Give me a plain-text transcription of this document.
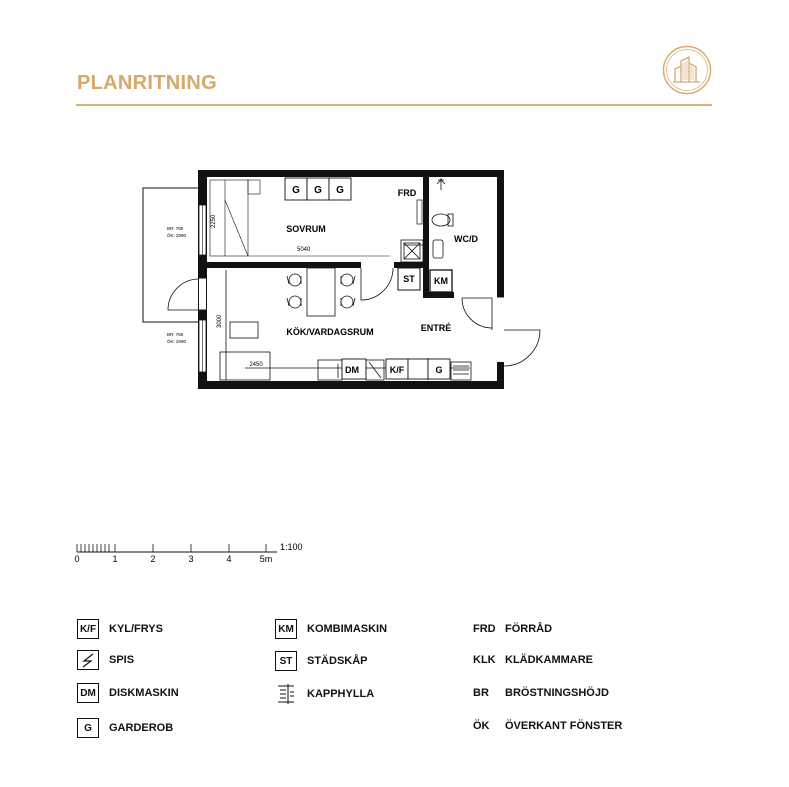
PLANRITNING
G G G
2250
5040
SOVRUM
FRD
WC/D
ST KM
3000
KÖK/VARDAGSRUM	ENTRÉ
2450	DM	K/F	G
BR: 780
ÖK: 2090
BR: 780
ÖK: 2090
0	1	2	3	4	5m
1:100
K/F KYL/FRYS
SPIS
DM DISKMASKIN
G	GARDEROB
KM KOMBIMASKIN
ST	STÄDSKÅP
KAPPHYLLA
FRD FÖRRÅD
KLK KLÄDKAMMARE
BR	BRÖSTNINGSHÖJD
ÖK	ÖVERKANT FÖNSTER
